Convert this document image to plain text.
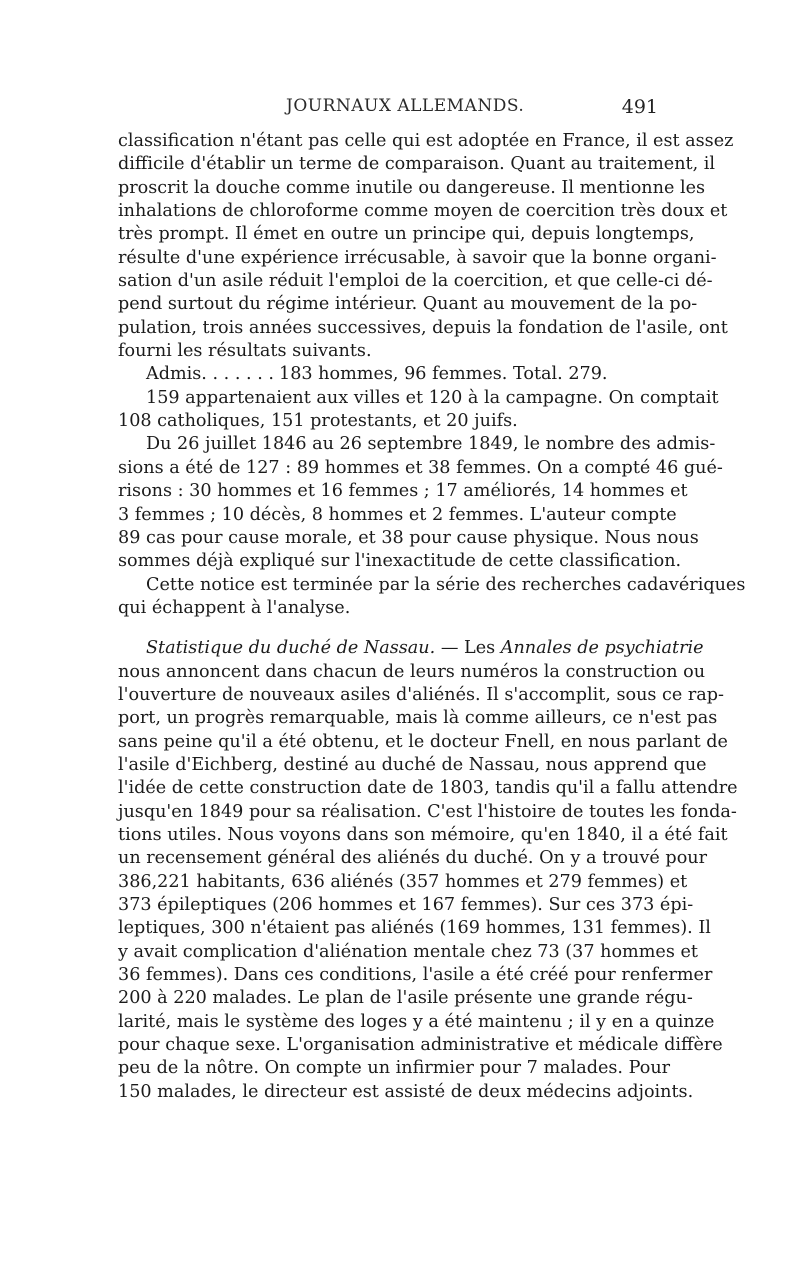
JOURNAUX ALLEMANDS.	491
classification n'étant pas celle qui est adoptée en France, il est assez
difficile d'établir un terme de comparaison. Quant au traitement, il
proscrit la douche comme inutile ou dangereuse. Il mentionne les
inhalations de chloroforme comme moyen de coercition très doux et
très prompt. Il émet en outre un principe qui, depuis longtemps,
résulte d'une expérience irrécusable, à savoir que la bonne organi-
sation d'un asile réduit l'emploi de la coercition, et que celle-ci dé-
pend surtout du régime intérieur. Quant au mouvement de la po-
pulation, trois années successives, depuis la fondation de l'asile, ont
fourni les résultats suivants.
Admis. . . . . . . 183 hommes, 96 femmes. Total. 279.
159 appartenaient aux villes et 120 à la campagne. On comptait
108 catholiques, 151 protestants, et 20 juifs.
Du 26 juillet 1846 au 26 septembre 1849, le nombre des admis-
sions a été de 127 : 89 hommes et 38 femmes. On a compté 46 gué-
risons : 30 hommes et 16 femmes ; 17 améliorés, 14 hommes et
3 femmes ; 10 décès, 8 hommes et 2 femmes. L'auteur compte
89 cas pour cause morale, et 38 pour cause physique. Nous nous
sommes déjà expliqué sur l'inexactitude de cette classification.
Cette notice est terminée par la série des recherches cadavériques
qui échappent à l'analyse.
Statistique du duché de Nassau. — Les Annales de psychiatrie
nous annoncent dans chacun de leurs numéros la construction ou
l'ouverture de nouveaux asiles d'aliénés. Il s'accomplit, sous ce rap-
port, un progrès remarquable, mais là comme ailleurs, ce n'est pas
sans peine qu'il a été obtenu, et le docteur Fnell, en nous parlant de
l'asile d'Eichberg, destiné au duché de Nassau, nous apprend que
l'idée de cette construction date de 1803, tandis qu'il a fallu attendre
jusqu'en 1849 pour sa réalisation. C'est l'histoire de toutes les fonda-
tions utiles. Nous voyons dans son mémoire, qu'en 1840, il a été fait
un recensement général des aliénés du duché. On y a trouvé pour
386,221 habitants, 636 aliénés (357 hommes et 279 femmes) et
373 épileptiques (206 hommes et 167 femmes). Sur ces 373 épi-
leptiques, 300 n'étaient pas aliénés (169 hommes, 131 femmes). Il
y avait complication d'aliénation mentale chez 73 (37 hommes et
36 femmes). Dans ces conditions, l'asile a été créé pour renfermer
200 à 220 malades. Le plan de l'asile présente une grande régu-
larité, mais le système des loges y a été maintenu ; il y en a quinze
pour chaque sexe. L'organisation administrative et médicale diffère
peu de la nôtre. On compte un infirmier pour 7 malades. Pour
150 malades, le directeur est assisté de deux médecins adjoints.
